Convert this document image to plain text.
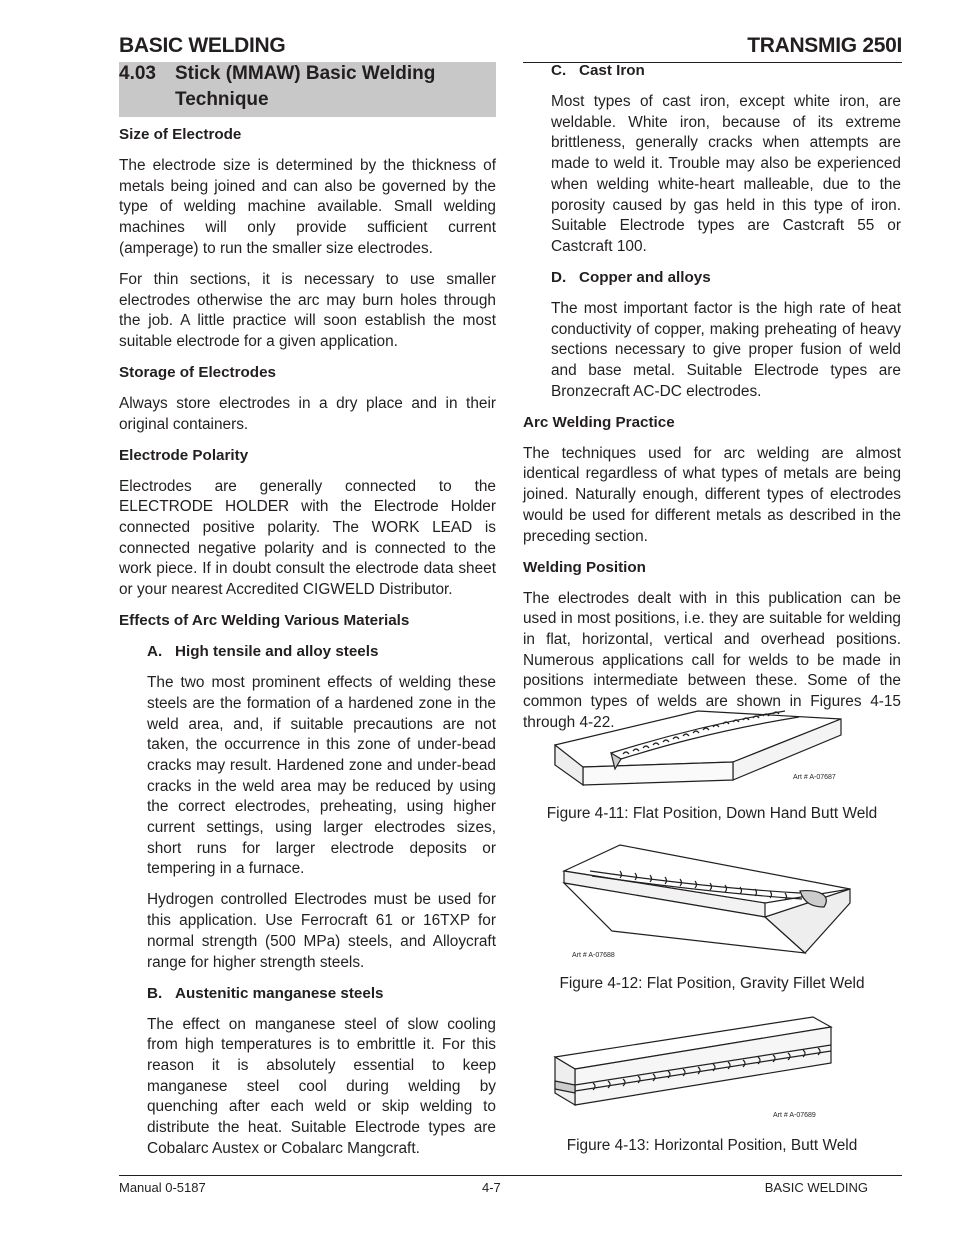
BASIC WELDING	TRANSMIG 250I
4.03 Stick (MMAW) Basic Welding
Technique
Size of Electrode

The electrode size is determined by the thickness of metals being joined and can also be governed by the type of welding machine available. Small welding machines will only provide sufficient current (amperage) to run the smaller size electrodes.

For thin sections, it is necessary to use smaller electrodes otherwise the arc may burn holes through the job. A little practice will soon establish the most suitable electrode for a given application.

Storage of Electrodes

Always store electrodes in a dry place and in their original containers.

Electrode Polarity

Electrodes are generally connected to the ELECTRODE HOLDER with the Electrode Holder connected positive polarity. The WORK LEAD is connected negative polarity and is connected to the work piece. If in doubt consult the electrode data sheet or your nearest Accredited CIGWELD Distributor.

Effects of Arc Welding Various Materials
A. High tensile and alloy steels

The two most prominent effects of welding these steels are the formation of a hardened zone in the weld area, and, if suitable precautions are not taken, the occurrence in this zone of under-bead cracks may result. Hardened zone and under-bead cracks in the weld area may be reduced by using the correct electrodes, preheating, using higher current settings, using larger electrodes sizes, short runs for larger electrode deposits or tempering in a furnace.

Hydrogen controlled Electrodes must be used for this application. Use Ferrocraft 61 or 16TXP for normal strength (500 MPa) steels, and Alloycraft range for higher strength steels.

B. Austenitic manganese steels

The effect on manganese steel of slow cooling from high temperatures is to embrittle it. For this reason it is absolutely essential to keep manganese steel cool during welding by quenching after each weld or skip welding to distribute the heat. Suitable Electrode types are Cobalarc Austex or Cobalarc Mangcraft.

C. Cast Iron

Most types of cast iron, except white iron, are weldable. White iron, because of its extreme brittleness, generally cracks when attempts are made to weld it. Trouble may also be experienced when welding white-heart malleable, due to the porosity caused by gas held in this type of iron. Suitable Electrode types are Castcraft 55 or Castcraft 100.

D. Copper and alloys

The most important factor is the high rate of heat conductivity of copper, making preheating of heavy sections necessary to give proper fusion of weld and base metal. Suitable Electrode types are Bronzecraft AC-DC electrodes.

Arc Welding Practice

The techniques used for arc welding are almost identical regardless of what types of metals are being joined. Naturally enough, different types of electrodes would be used for different metals as described in the preceding section.

Welding Position

The electrodes dealt with in this publication can be used in most positions, i.e. they are suitable for welding in flat, horizontal, vertical and overhead positions. Numerous applications call for welds to be made in positions intermediate between these. Some of the common types of welds are shown in Figures 4-15 through 4-22.

Art # A-07687
Figure 4-11: Flat Position, Down Hand Butt Weld
Art # A-07688
Figure 4-12: Flat Position, Gravity Fillet Weld
Art # A-07689
Figure 4-13: Horizontal Position, Butt Weld
Manual 0-5187	4-7	BASIC WELDING
